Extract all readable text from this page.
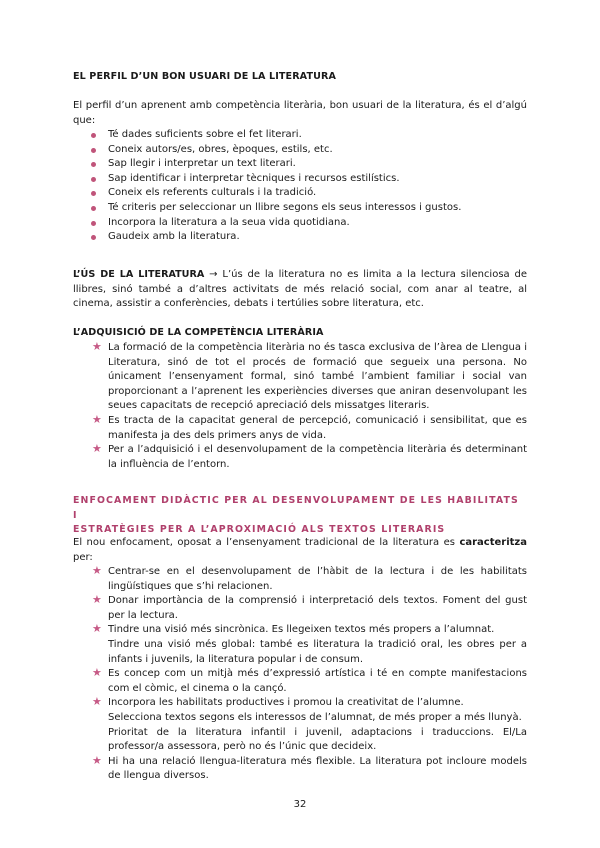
EL PERFIL D’UN BON USUARI DE LA LITERATURA
El perfil d’un aprenent amb competència literària, bon usuari de la literatura, és el d’algú que:
Té dades suficients sobre el fet literari.
Coneix autors/es, obres, èpoques, estils, etc.
Sap llegir i interpretar un text literari.
Sap identificar i interpretar tècniques i recursos estilístics.
Coneix els referents culturals i la tradició.
Té criteris per seleccionar un llibre segons els seus interessos i gustos.
Incorpora la literatura a la seua vida quotidiana.
Gaudeix amb la literatura.
L’ÚS DE LA LITERATURA → L’ús de la literatura no es limita a la lectura silenciosa de llibres, sinó també a d’altres activitats de més relació social, com anar al teatre, al cinema, assistir a conferències, debats i tertúlies sobre literatura, etc.
L’ADQUISICIÓ DE LA COMPETÈNCIA LITERÀRIA
★ La formació de la competència literària no és tasca exclusiva de l’àrea de Llengua i Literatura, sinó de tot el procés de formació que segueix una persona. No únicament l’ensenyament formal, sinó també l’ambient familiar i social van proporcionant a l’aprenent les experiències diverses que aniran desenvolupant les seues capacitats de recepció apreciació dels missatges literaris.
★ Es tracta de la capacitat general de percepció, comunicació i sensibilitat, que es manifesta ja des dels primers anys de vida.
★ Per a l’adquisició i el desenvolupament de la competència literària és determinant la influència de l’entorn.
ENFOCAMENT DIDÀCTIC PER AL DESENVOLUPAMENT DE LES HABILITATS I
ESTRATÈGIES PER A L’APROXIMACIÓ ALS TEXTOS LITERARIS
El nou enfocament, oposat a l’ensenyament tradicional de la literatura es caracteritza per:
★ Centrar-se en el desenvolupament de l’hàbit de la lectura i de les habilitats lingüístiques que s’hi relacionen.
★ Donar importància de la comprensió i interpretació dels textos. Foment del gust per la lectura.
★ Tindre una visió més sincrònica. Es llegeixen textos més propers a l’alumnat.
Tindre una visió més global: també es literatura la tradició oral, les obres per a infants i juvenils, la literatura popular i de consum.
★ Es concep com un mitjà més d’expressió artística i té en compte manifestacions com el còmic, el cinema o la cançó.
★ Incorpora les habilitats productives i promou la creativitat de l’alumne.
Selecciona textos segons els interessos de l’alumnat, de més proper a més llunyà.
Prioritat de la literatura infantil i juvenil, adaptacions i traduccions. El/La professor/a assessora, però no és l’únic que decideix.
★ Hi ha una relació llengua-literatura més flexible. La literatura pot incloure models de llengua diversos.
32
